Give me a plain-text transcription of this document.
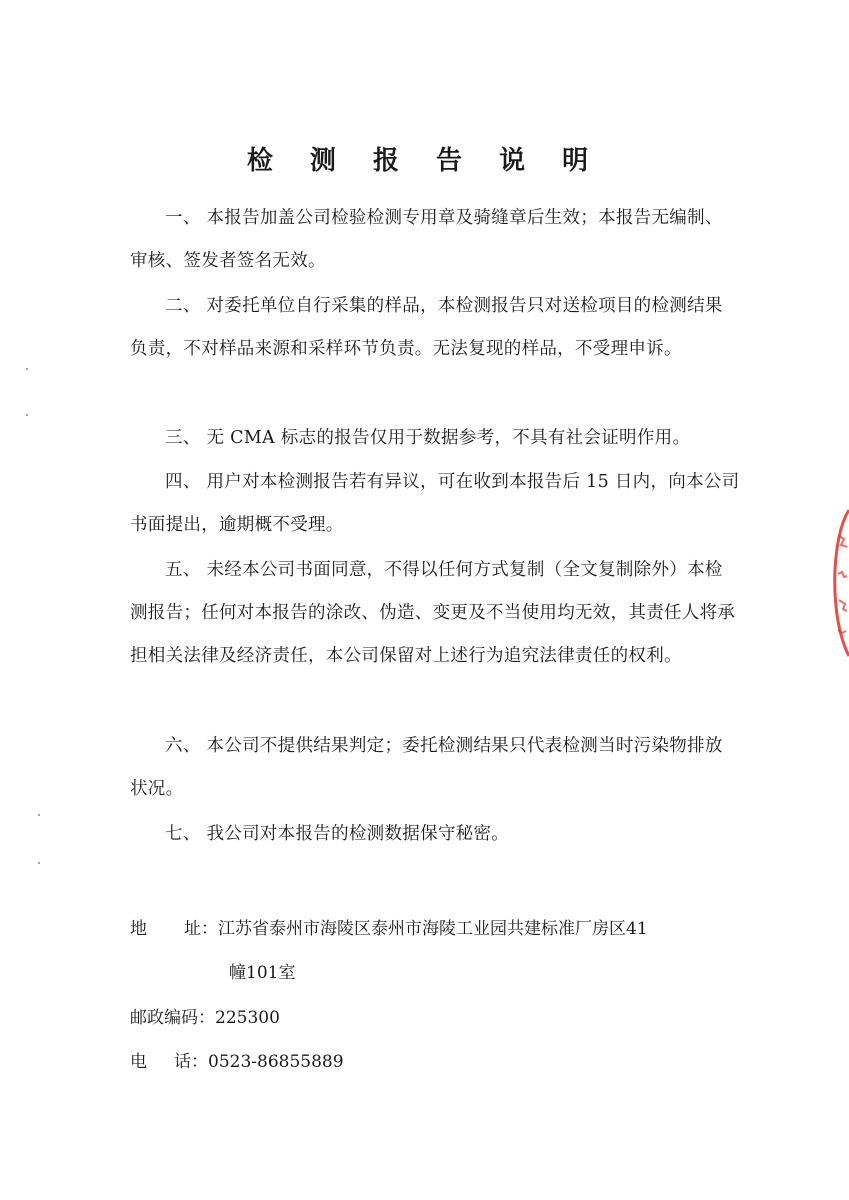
检 测 报 告 说 明

一、 本报告加盖公司检验检测专用章及骑缝章后生效；本报告无编制、审核、签发者签名无效。

二、 对委托单位自行采集的样品，本检测报告只对送检项目的检测结果负责，不对样品来源和采样环节负责。无法复现的样品，不受理申诉。

三、 无 CMA 标志的报告仅用于数据参考，不具有社会证明作用。

四、 用户对本检测报告若有异议，可在收到本报告后 15 日内，向本公司书面提出，逾期概不受理。

五、 未经本公司书面同意，不得以任何方式复制（全文复制除外）本检测报告；任何对本报告的涂改、伪造、变更及不当使用均无效，其责任人将承担相关法律及经济责任，本公司保留对上述行为追究法律责任的权利。

六、 本公司不提供结果判定；委托检测结果只代表检测当时污染物排放状况。

七、 我公司对本报告的检测数据保守秘密。

地 址： 江苏省泰州市海陵区泰州市海陵工业园共建标准厂房区41
幢101室
邮政编码：225300
电 话： 0523-86855889
